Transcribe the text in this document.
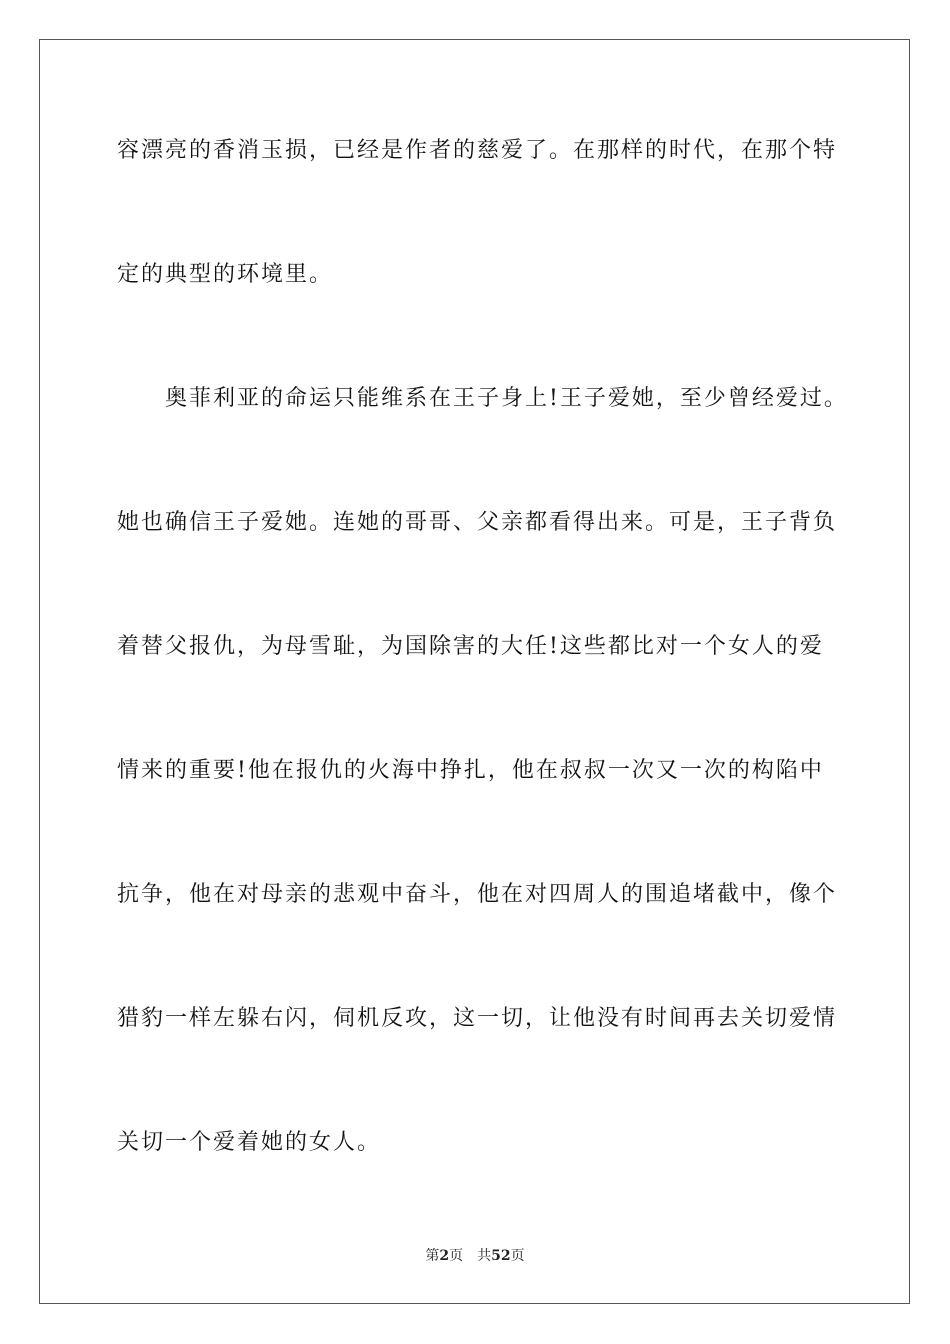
容漂亮的香消玉损，已经是作者的慈爱了。在那样的时代，在那个特
定的典型的环境里。
奥菲利亚的命运只能维系在王子身上!王子爱她，至少曾经爱过。
她也确信王子爱她。连她的哥哥、父亲都看得出来。可是，王子背负
着替父报仇，为母雪耻，为国除害的大任!这些都比对一个女人的爱
情来的重要!他在报仇的火海中挣扎，他在叔叔一次又一次的构陷中
抗争，他在对母亲的悲观中奋斗，他在对四周人的围追堵截中，像个
猎豹一样左躲右闪，伺机反攻，这一切，让他没有时间再去关切爱情
关切一个爱着她的女人。
第2页 共52页
